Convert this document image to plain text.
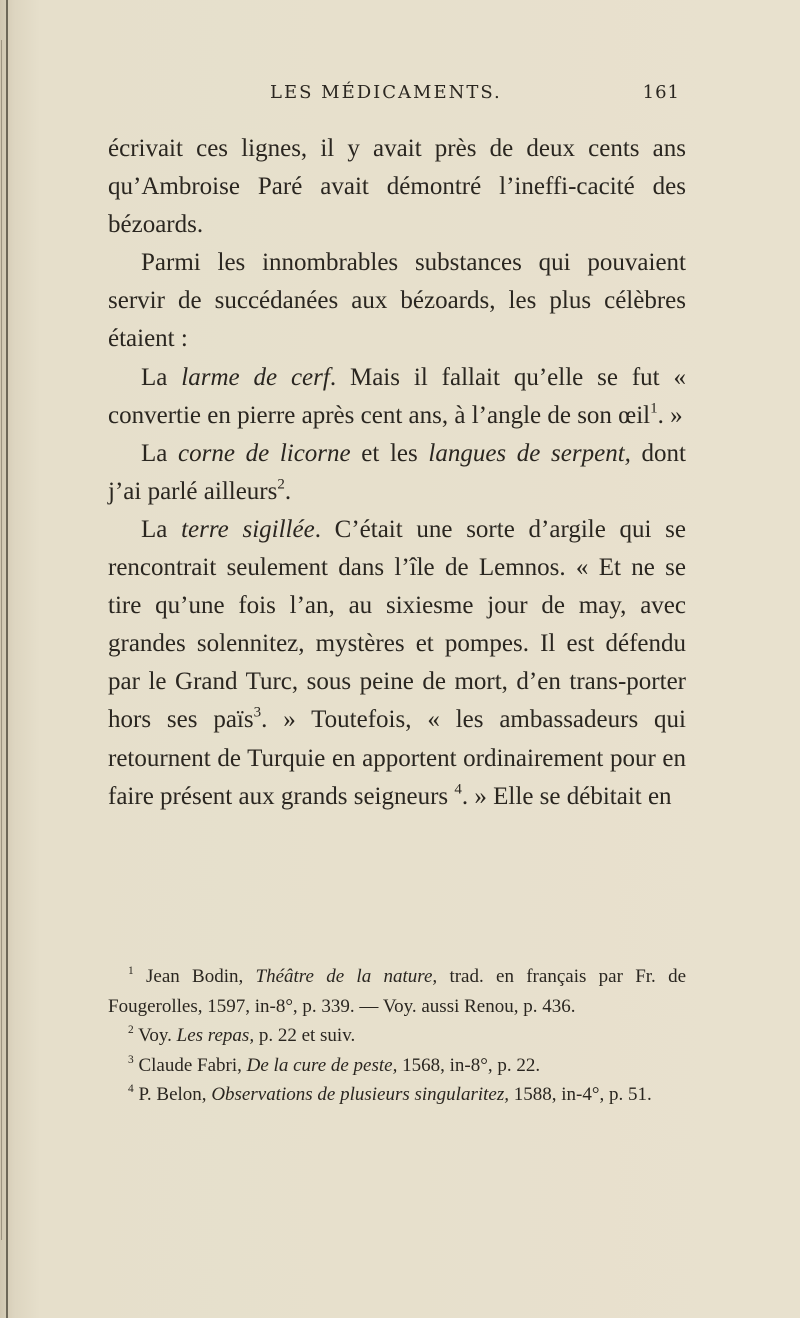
LES MÉDICAMENTS.	161

écrivait ces lignes, il y avait près de deux cents ans qu’Ambroise Paré avait démontré l’ineffi-cacité des bézoards.

Parmi les innombrables substances qui pouvaient servir de succédanées aux bézoards, les plus célèbres étaient :

La larme de cerf. Mais il fallait qu’elle se fut « convertie en pierre après cent ans, à l’angle de son œil$^1$. »

La corne de licorne et les langues de serpent, dont j’ai parlé ailleurs$^2$.

La terre sigillée. C’était une sorte d’argile qui se rencontrait seulement dans l’île de Lemnos. « Et ne se tire qu’une fois l’an, au sixiesme jour de may, avec grandes solennitez, mystères et pompes. Il est défendu par le Grand Turc, sous peine de mort, d’en trans-porter hors ses païs$^3$. » Toutefois, « les ambassadeurs qui retournent de Turquie en apportent ordinairement pour en faire présent aux grands seigneurs $^4$. » Elle se débitait en

$^1$ Jean Bodin, Théâtre de la nature, trad. en français par Fr. de Fougerolles, 1597, in-8°, p. 339. — Voy. aussi Renou, p. 436.

$^2$ Voy. Les repas, p. 22 et suiv.

$^3$ Claude Fabri, De la cure de peste, 1568, in-8°, p. 22.

$^4$ P. Belon, Observations de plusieurs singularitez, 1588, in-4°, p. 51.
